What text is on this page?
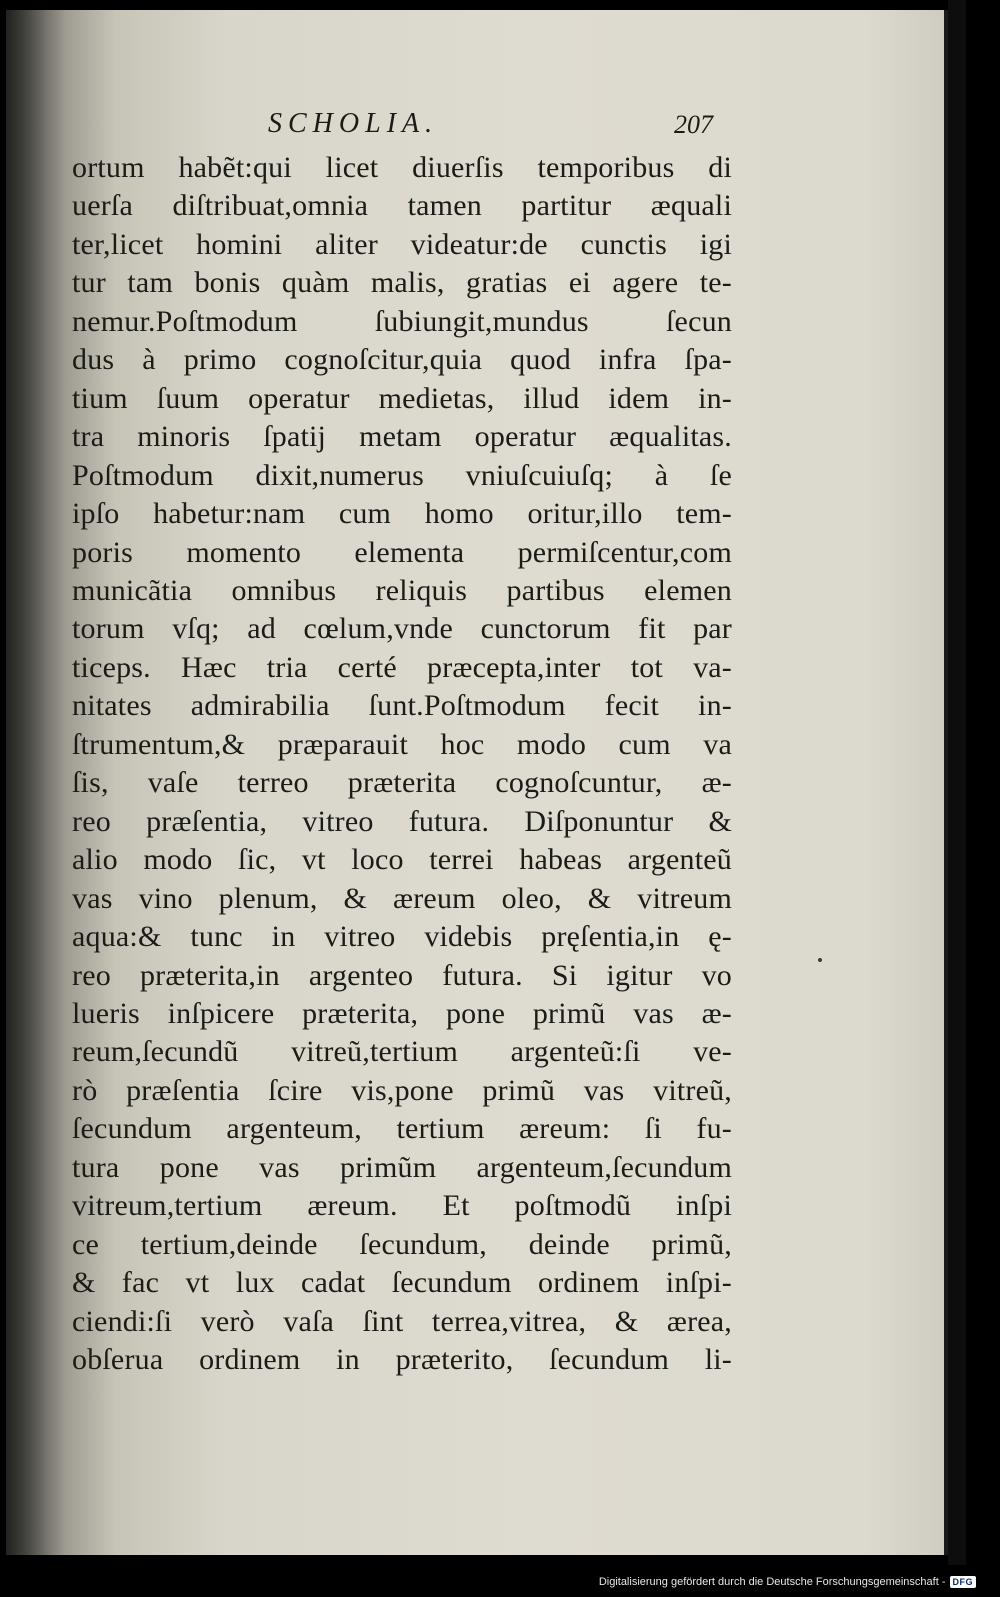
SCHOLIA.	207
ortum habẽt:qui licet diuerſis temporibus di
uerſa diſtribuat,omnia tamen partitur æquali
ter,licet homini aliter videatur:de cunctis igi
tur tam bonis quàm malis, gratias ei agere te-
nemur.Poſtmodum ſubiungit,mundus ſecun
dus à primo cognoſcitur,quia quod infra ſpa-
tium ſuum operatur medietas, illud idem in-
tra minoris ſpatij metam operatur æqualitas.
Poſtmodum dixit,numerus vniuſcuiuſq; à ſe
ipſo habetur:nam cum homo oritur,illo tem-
poris momento elementa permiſcentur,com
municãtia omnibus reliquis partibus elemen
torum vſq; ad cœlum,vnde cunctorum fit par
ticeps. Hæc tria certé præcepta,inter tot va-
nitates admirabilia ſunt.Poſtmodum fecit in-
ſtrumentum,& præparauit hoc modo cum va
ſis, vaſe terreo præterita cognoſcuntur, æ-
reo præſentia, vitreo futura. Diſponuntur &
alio modo ſic, vt loco terrei habeas argenteũ
vas vino plenum, & æreum oleo, & vitreum
aqua:& tunc in vitreo videbis pręſentia,in ę-
reo præterita,in argenteo futura. Si igitur vo
lueris inſpicere præterita, pone primũ vas æ-
reum,ſecundũ vitreũ,tertium argenteũ:ſi ve-
rò præſentia ſcire vis,pone primũ vas vitreũ,
ſecundum argenteum, tertium æreum: ſi fu-
tura pone vas primũm argenteum,ſecundum
vitreum,tertium æreum. Et poſtmodũ inſpi
ce tertium,deinde ſecundum, deinde primũ,
& fac vt lux cadat ſecundum ordinem inſpi-
ciendi:ſi verò vaſa ſint terrea,vitrea, & ærea,
obſerua ordinem in præterito, ſecundum li-
Digitalisierung gefördert durch die Deutsche Forschungsgemeinschaft - DFG
